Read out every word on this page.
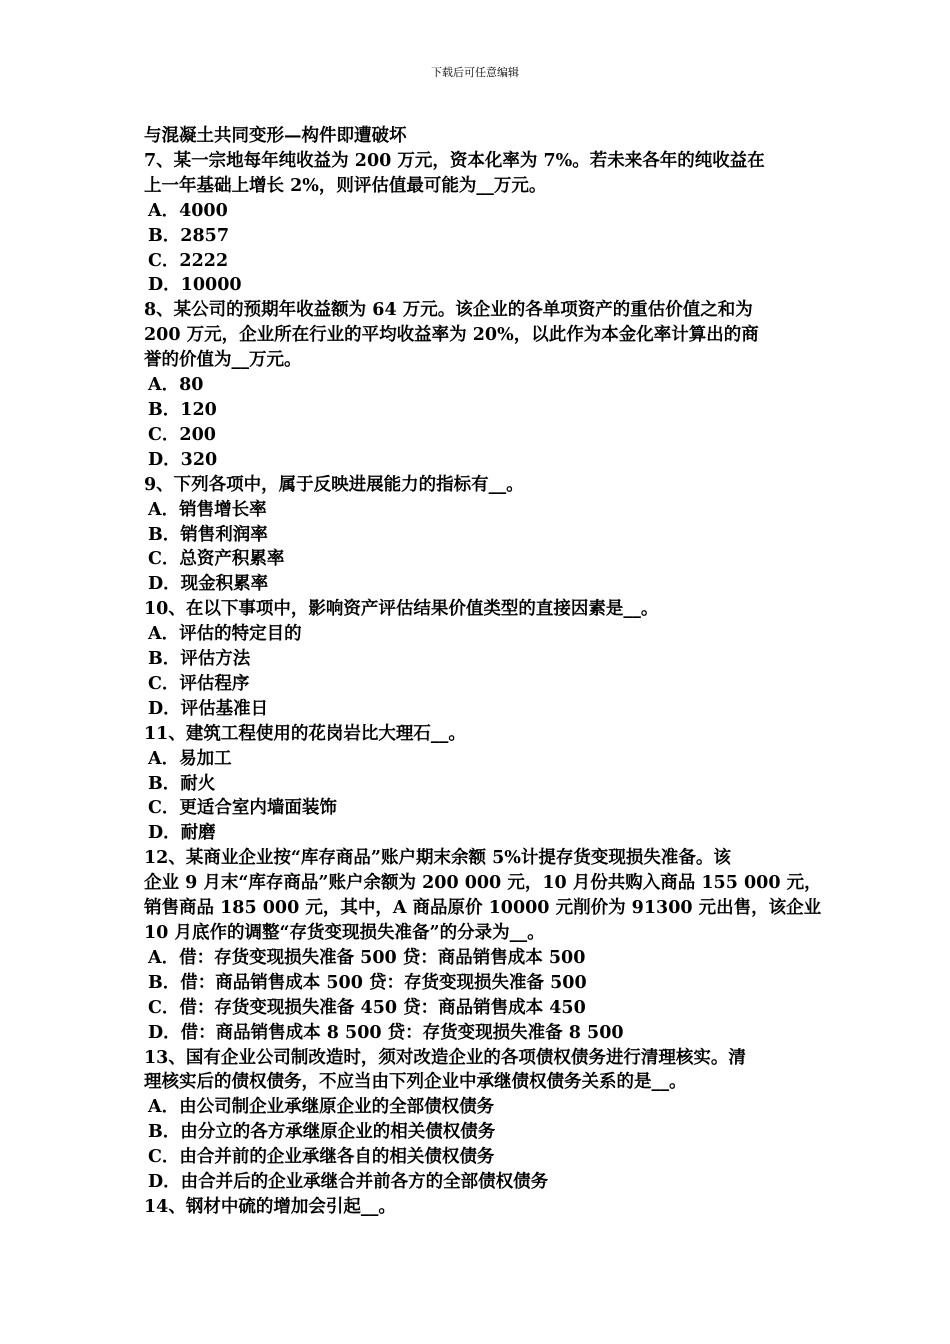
下载后可任意编辑
与混凝土共同变形—构件即遭破坏
7、某一宗地每年纯收益为 200 万元，资本化率为 7%。若未来各年的纯收益在
上一年基础上增长 2%，则评估值最可能为__万元。
A．4000
B．2857
C．2222
D．10000
8、某公司的预期年收益额为 64 万元。该企业的各单项资产的重估价值之和为
200 万元，企业所在行业的平均收益率为 20%，以此作为本金化率计算出的商
誉的价值为__万元。
A．80
B．120
C．200
D．320
9、下列各项中，属于反映进展能力的指标有__。
A．销售增长率
B．销售利润率
C．总资产积累率
D．现金积累率
10、在以下事项中，影响资产评估结果价值类型的直接因素是__。
A．评估的特定目的
B．评估方法
C．评估程序
D．评估基准日
11、建筑工程使用的花岗岩比大理石__。
A．易加工
B．耐火
C．更适合室内墙面装饰
D．耐磨
12、某商业企业按“库存商品”账户期末余额 5%计提存货变现损失准备。该
企业 9 月末“库存商品”账户余额为 200 000 元，10 月份共购入商品 155 000 元，
销售商品 185 000 元，其中，A 商品原价 10000 元削价为 91300 元出售，该企业
10 月底作的调整“存货变现损失准备”的分录为__。
A．借：存货变现损失准备 500 贷：商品销售成本 500
B．借：商品销售成本 500 贷：存货变现损失准备 500
C．借：存货变现损失准备 450 贷：商品销售成本 450
D．借：商品销售成本 8 500 贷：存货变现损失准备 8 500
13、国有企业公司制改造时，须对改造企业的各项债权债务进行清理核实。清
理核实后的债权债务，不应当由下列企业中承继债权债务关系的是__。
A．由公司制企业承继原企业的全部债权债务
B．由分立的各方承继原企业的相关债权债务
C．由合并前的企业承继各自的相关债权债务
D．由合并后的企业承继合并前各方的全部债权债务
14、钢材中硫的增加会引起__。
